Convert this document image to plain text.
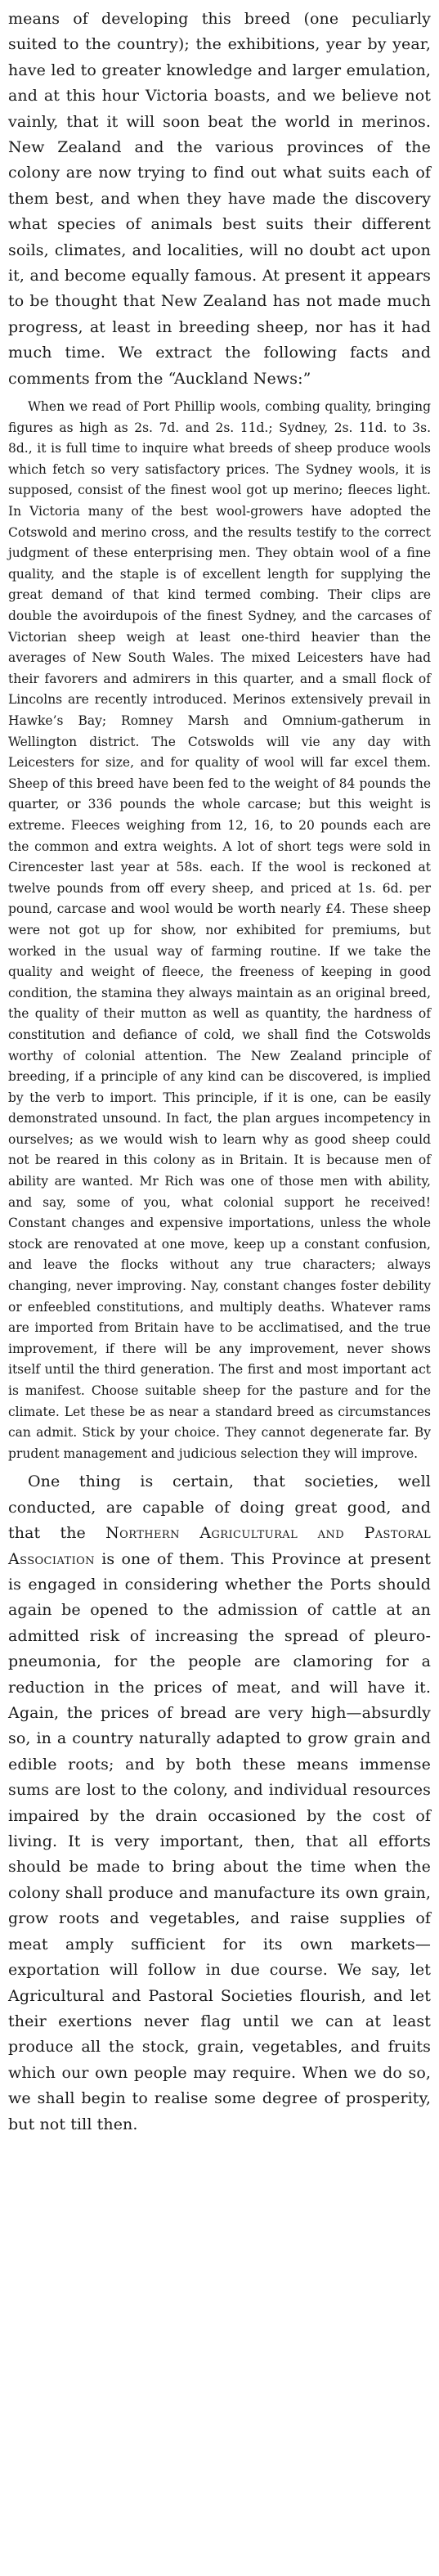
means of developing this breed (one peculiarly suited to the country); the exhibitions, year by year, have led to greater knowledge and larger emulation, and at this hour Victoria boasts, and we believe not vainly, that it will soon beat the world in merinos. New Zealand and the various provinces of the colony are now trying to find out what suits each of them best, and when they have made the discovery what species of animals best suits their different soils, climates, and localities, will no doubt act upon it, and become equally famous. At present it appears to be thought that New Zealand has not made much progress, at least in breeding sheep, nor has it had much time. We extract the following facts and comments from the “Auckland News:”

When we read of Port Phillip wools, combing quality, bringing figures as high as 2s. 7d. and 2s. 11d.; Sydney, 2s. 11d. to 3s. 8d., it is full time to inquire what breeds of sheep produce wools which fetch so very satisfactory prices. The Sydney wools, it is supposed, consist of the finest wool got up merino; fleeces light. In Victoria many of the best wool-growers have adopted the Cotswold and merino cross, and the results testify to the correct judgment of these enterprising men. They obtain wool of a fine quality, and the staple is of excellent length for supplying the great demand of that kind termed combing. Their clips are double the avoirdupois of the finest Sydney, and the carcases of Victorian sheep weigh at least one-third heavier than the averages of New South Wales. The mixed Leicesters have had their favorers and admirers in this quarter, and a small flock of Lincolns are recently introduced. Merinos extensively prevail in Hawke’s Bay; Romney Marsh and Omnium-gatherum in Wellington district. The Cotswolds will vie any day with Leicesters for size, and for quality of wool will far excel them. Sheep of this breed have been fed to the weight of 84 pounds the quarter, or 336 pounds the whole carcase; but this weight is extreme. Fleeces weighing from 12, 16, to 20 pounds each are the common and extra weights. A lot of short tegs were sold in Cirencester last year at 58s. each. If the wool is reckoned at twelve pounds from off every sheep, and priced at 1s. 6d. per pound, carcase and wool would be worth nearly £4. These sheep were not got up for show, nor exhibited for premiums, but worked in the usual way of farming routine. If we take the quality and weight of fleece, the freeness of keeping in good condition, the stamina they always maintain as an original breed, the quality of their mutton as well as quantity, the hardness of constitution and defiance of cold, we shall find the Cotswolds worthy of colonial attention. The New Zealand principle of breeding, if a principle of any kind can be discovered, is implied by the verb to import. This principle, if it is one, can be easily demonstrated unsound. In fact, the plan argues incompetency in ourselves; as we would wish to learn why as good sheep could not be reared in this colony as in Britain. It is because men of ability are wanted. Mr Rich was one of those men with ability, and say, some of you, what colonial support he received! Constant changes and expensive importations, unless the whole stock are renovated at one move, keep up a constant confusion, and leave the flocks without any true characters; always changing, never improving. Nay, constant changes foster debility or enfeebled constitutions, and multiply deaths. Whatever rams are imported from Britain have to be acclimatised, and the true improvement, if there will be any improvement, never shows itself until the third generation. The first and most important act is manifest. Choose suitable sheep for the pasture and for the climate. Let these be as near a standard breed as circumstances can admit. Stick by your choice. They cannot degenerate far. By prudent management and judicious selection they will improve.

One thing is certain, that societies, well conducted, are capable of doing great good, and that the Northern Agricultural and Pastoral Association is one of them. This Province at present is engaged in considering whether the Ports should again be opened to the admission of cattle at an admitted risk of increasing the spread of pleuro-pneumonia, for the people are clamoring for a reduction in the prices of meat, and will have it. Again, the prices of bread are very high—absurdly so, in a country naturally adapted to grow grain and edible roots; and by both these means immense sums are lost to the colony, and individual resources impaired by the drain occasioned by the cost of living. It is very important, then, that all efforts should be made to bring about the time when the colony shall produce and manufacture its own grain, grow roots and vegetables, and raise supplies of meat amply sufficient for its own markets—exportation will follow in due course. We say, let Agricultural and Pastoral Societies flourish, and let their exertions never flag until we can at least produce all the stock, grain, vegetables, and fruits which our own people may require. When we do so, we shall begin to realise some degree of prosperity, but not till then.
